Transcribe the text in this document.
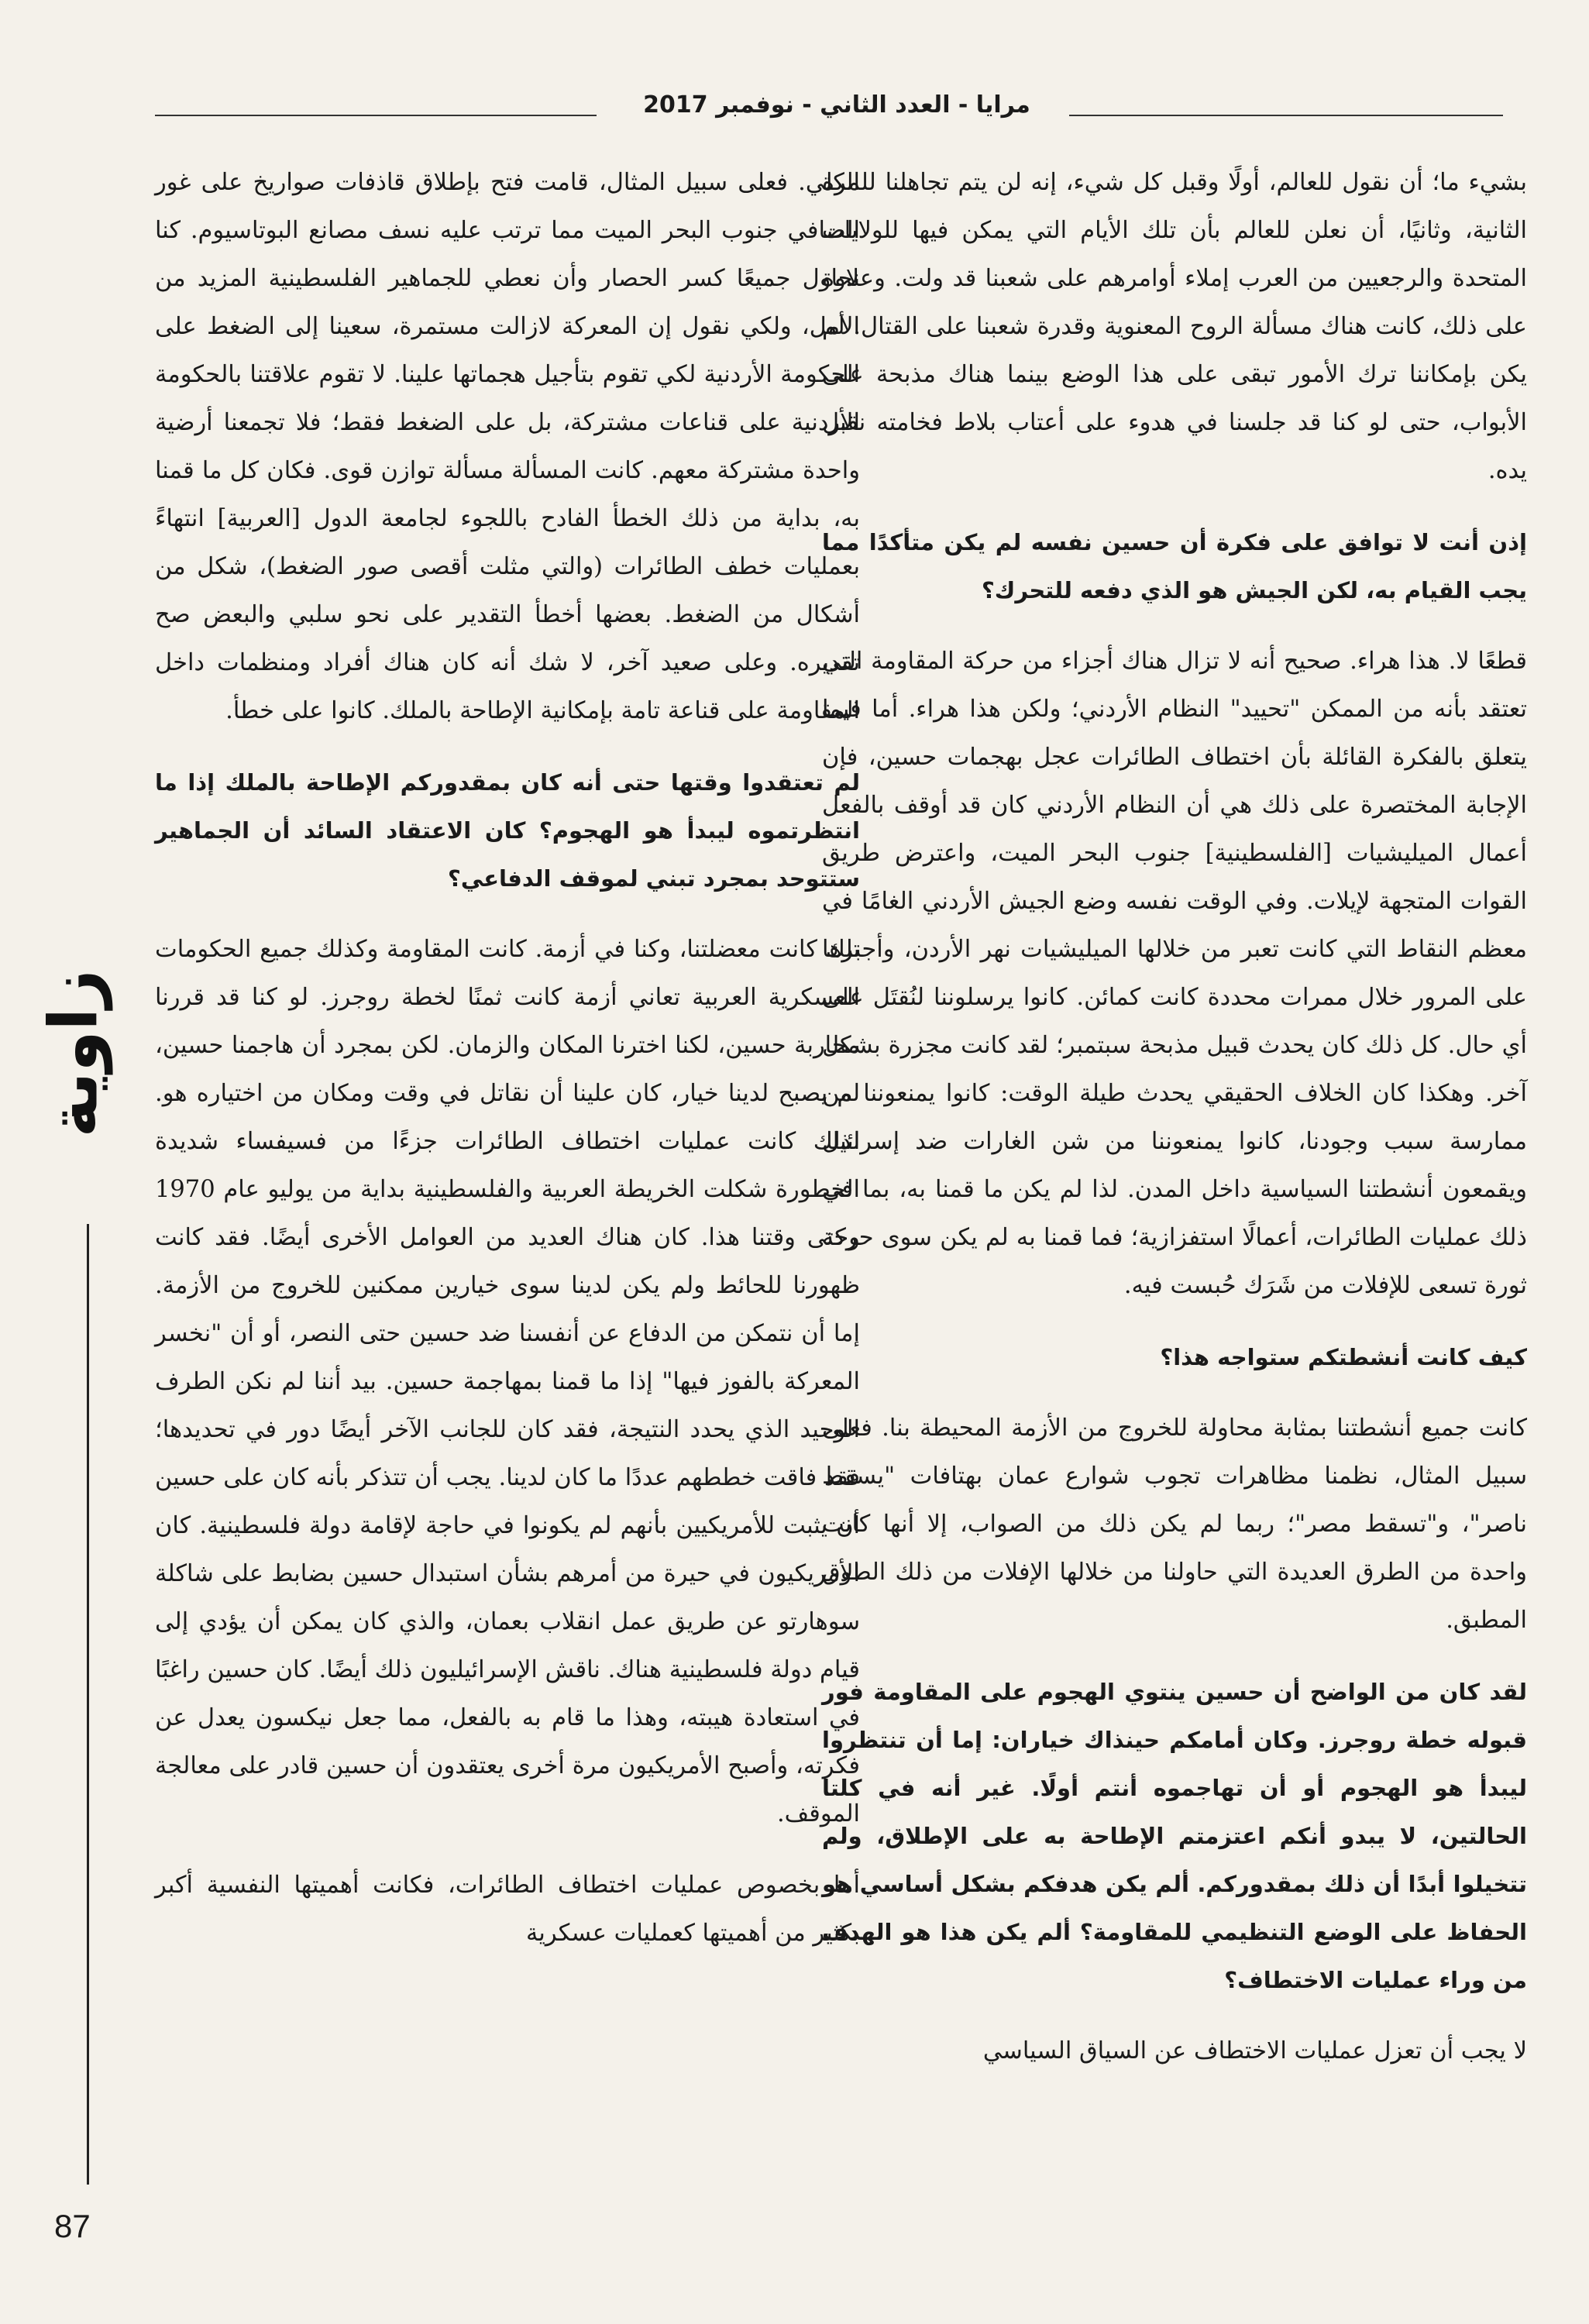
مرايا - العدد الثاني - نوفمبر 2017

بشيء ما؛ أن نقول للعالم، أولًا وقبل كل شيء، إنه لن يتم تجاهلنا للمرة الثانية، وثانيًا، أن نعلن للعالم بأن تلك الأيام التي يمكن فيها للولايات المتحدة والرجعيين من العرب إملاء أوامرهم على شعبنا قد ولت. وعلاوة على ذلك، كانت هناك مسألة الروح المعنوية وقدرة شعبنا على القتال. لم يكن بإمكاننا ترك الأمور تبقى على هذا الوضع بينما هناك مذبحة على الأبواب، حتى لو كنا قد جلسنا في هدوء على أعتاب بلاط فخامته نقبل يده.

إذن أنت لا توافق على فكرة أن حسين نفسه لم يكن متأكدًا مما يجب القيام به، لكن الجيش هو الذي دفعه للتحرك؟

قطعًا لا. هذا هراء. صحيح أنه لا تزال هناك أجزاء من حركة المقاومة التي تعتقد بأنه من الممكن "تحييد" النظام الأردني؛ ولكن هذا هراء. أما فيما يتعلق بالفكرة القائلة بأن اختطاف الطائرات عجل بهجمات حسين، فإن الإجابة المختصرة على ذلك هي أن النظام الأردني كان قد أوقف بالفعل أعمال الميليشيات [الفلسطينية] جنوب البحر الميت، واعترض طريق القوات المتجهة لإيلات. وفي الوقت نفسه وضع الجيش الأردني الغامًا في معظم النقاط التي كانت تعبر من خلالها الميليشيات نهر الأردن، وأجبرها على المرور خلال ممرات محددة كانت كمائن. كانوا يرسلوننا لنُقتَل على أي حال. كل ذلك كان يحدث قبيل مذبحة سبتمبر؛ لقد كانت مجزرة بشكل آخر. وهكذا كان الخلاف الحقيقي يحدث طيلة الوقت: كانوا يمنعوننا من ممارسة سبب وجودنا، كانوا يمنعوننا من شن الغارات ضد إسرائيل ويقمعون أنشطتنا السياسية داخل المدن. لذا لم يكن ما قمنا به، بما في ذلك عمليات الطائرات، أعمالًا استفزازية؛ فما قمنا به لم يكن سوى حركة ثورة تسعى للإفلات من شَرَك حُبست فيه.

كيف كانت أنشطتكم ستواجه هذا؟

كانت جميع أنشطتنا بمثابة محاولة للخروج من الأزمة المحيطة بنا. فعلى سبيل المثال، نظمنا مظاهرات تجوب شوارع عمان بهتافات "يسقط ناصر"، و"تسقط مصر"؛ ربما لم يكن ذلك من الصواب، إلا أنها كانت واحدة من الطرق العديدة التي حاولنا من خلالها الإفلات من ذلك الطوق المطبق.

لقد كان من الواضح أن حسين ينتوي الهجوم على المقاومة فور قبوله خطة روجرز. وكان أمامكم حينذاك خياران: إما أن تنتظروا ليبدأ هو الهجوم أو أن تهاجموه أنتم أولًا. غير أنه في كلتا الحالتين، لا يبدو أنكم اعتزمتم الإطاحة به على الإطلاق، ولم تتخيلوا أبدًا أن ذلك بمقدوركم. ألم يكن هدفكم بشكل أساسي هو الحفاظ على الوضع التنظيمي للمقاومة؟ ألم يكن هذا هو الهدف من وراء عمليات الاختطاف؟

لا يجب أن تعزل عمليات الاختطاف عن السياق السياسي

الكلي. فعلى سبيل المثال، قامت فتح بإطلاق قاذفات صواريخ على غور الصافي جنوب البحر الميت مما ترتب عليه نسف مصانع البوتاسيوم. كنا نحاول جميعًا كسر الحصار وأن نعطي للجماهير الفلسطينية المزيد من الأمل، ولكي نقول إن المعركة لازالت مستمرة، سعينا إلى الضغط على الحكومة الأردنية لكي تقوم بتأجيل هجماتها علينا. لا تقوم علاقتنا بالحكومة الأردنية على قناعات مشتركة، بل على الضغط فقط؛ فلا تجمعنا أرضية واحدة مشتركة معهم. كانت المسألة مسألة توازن قوى. فكان كل ما قمنا به، بداية من ذلك الخطأ الفادح باللجوء لجامعة الدول [العربية] انتهاءً بعمليات خطف الطائرات (والتي مثلت أقصى صور الضغط)، شكل من أشكال من الضغط. بعضها أخطأ التقدير على نحو سلبي والبعض صح تقديره. وعلى صعيد آخر، لا شك أنه كان هناك أفراد ومنظمات داخل المقاومة على قناعة تامة بإمكانية الإطاحة بالملك. كانوا على خطأ.

لم تعتقدوا وقتها حتى أنه كان بمقدوركم الإطاحة بالملك إذا ما انتظرتموه ليبدأ هو الهجوم؟ كان الاعتقاد السائد أن الجماهير ستتوحد بمجرد تبني لموقف الدفاعي؟

تلك كانت معضلتنا، وكنا في أزمة. كانت المقاومة وكذلك جميع الحكومات العسكرية العربية تعاني أزمة كانت ثمنًا لخطة روجرز. لو كنا قد قررنا محاربة حسين، لكنا اخترنا المكان والزمان. لكن بمجرد أن هاجمنا حسين، لم يصبح لدينا خيار، كان علينا أن نقاتل في وقت ومكان من اختياره هو. لذلك كانت عمليات اختطاف الطائرات جزءًا من فسيفساء شديدة الخطورة شكلت الخريطة العربية والفلسطينية بداية من يوليو عام 1970 وحتى وقتنا هذا. كان هناك العديد من العوامل الأخرى أيضًا. فقد كانت ظهورنا للحائط ولم يكن لدينا سوى خيارين ممكنين للخروج من الأزمة. إما أن نتمكن من الدفاع عن أنفسنا ضد حسين حتى النصر، أو أن "نخسر المعركة بالفوز فيها" إذا ما قمنا بمهاجمة حسين. بيد أننا لم نكن الطرف الوحيد الذي يحدد النتيجة، فقد كان للجانب الآخر أيضًا دور في تحديدها؛ فقد فاقت خططهم عددًا ما كان لدينا. يجب أن تتذكر بأنه كان على حسين أن يثبت للأمريكيين بأنهم لم يكونوا في حاجة لإقامة دولة فلسطينية. كان الأمريكيون في حيرة من أمرهم بشأن استبدال حسين بضابط على شاكلة سوهارتو عن طريق عمل انقلاب بعمان، والذي كان يمكن أن يؤدي إلى قيام دولة فلسطينية هناك. ناقش الإسرائيليون ذلك أيضًا. كان حسين راغبًا في استعادة هيبته، وهذا ما قام به بالفعل، مما جعل نيكسون يعدل عن فكرته، وأصبح الأمريكيون مرة أخرى يعتقدون أن حسين قادر على معالجة الموقف.

أما بخصوص عمليات اختطاف الطائرات، فكانت أهميتها النفسية أكبر بكثير من أهميتها كعمليات عسكرية

زاوية
87
